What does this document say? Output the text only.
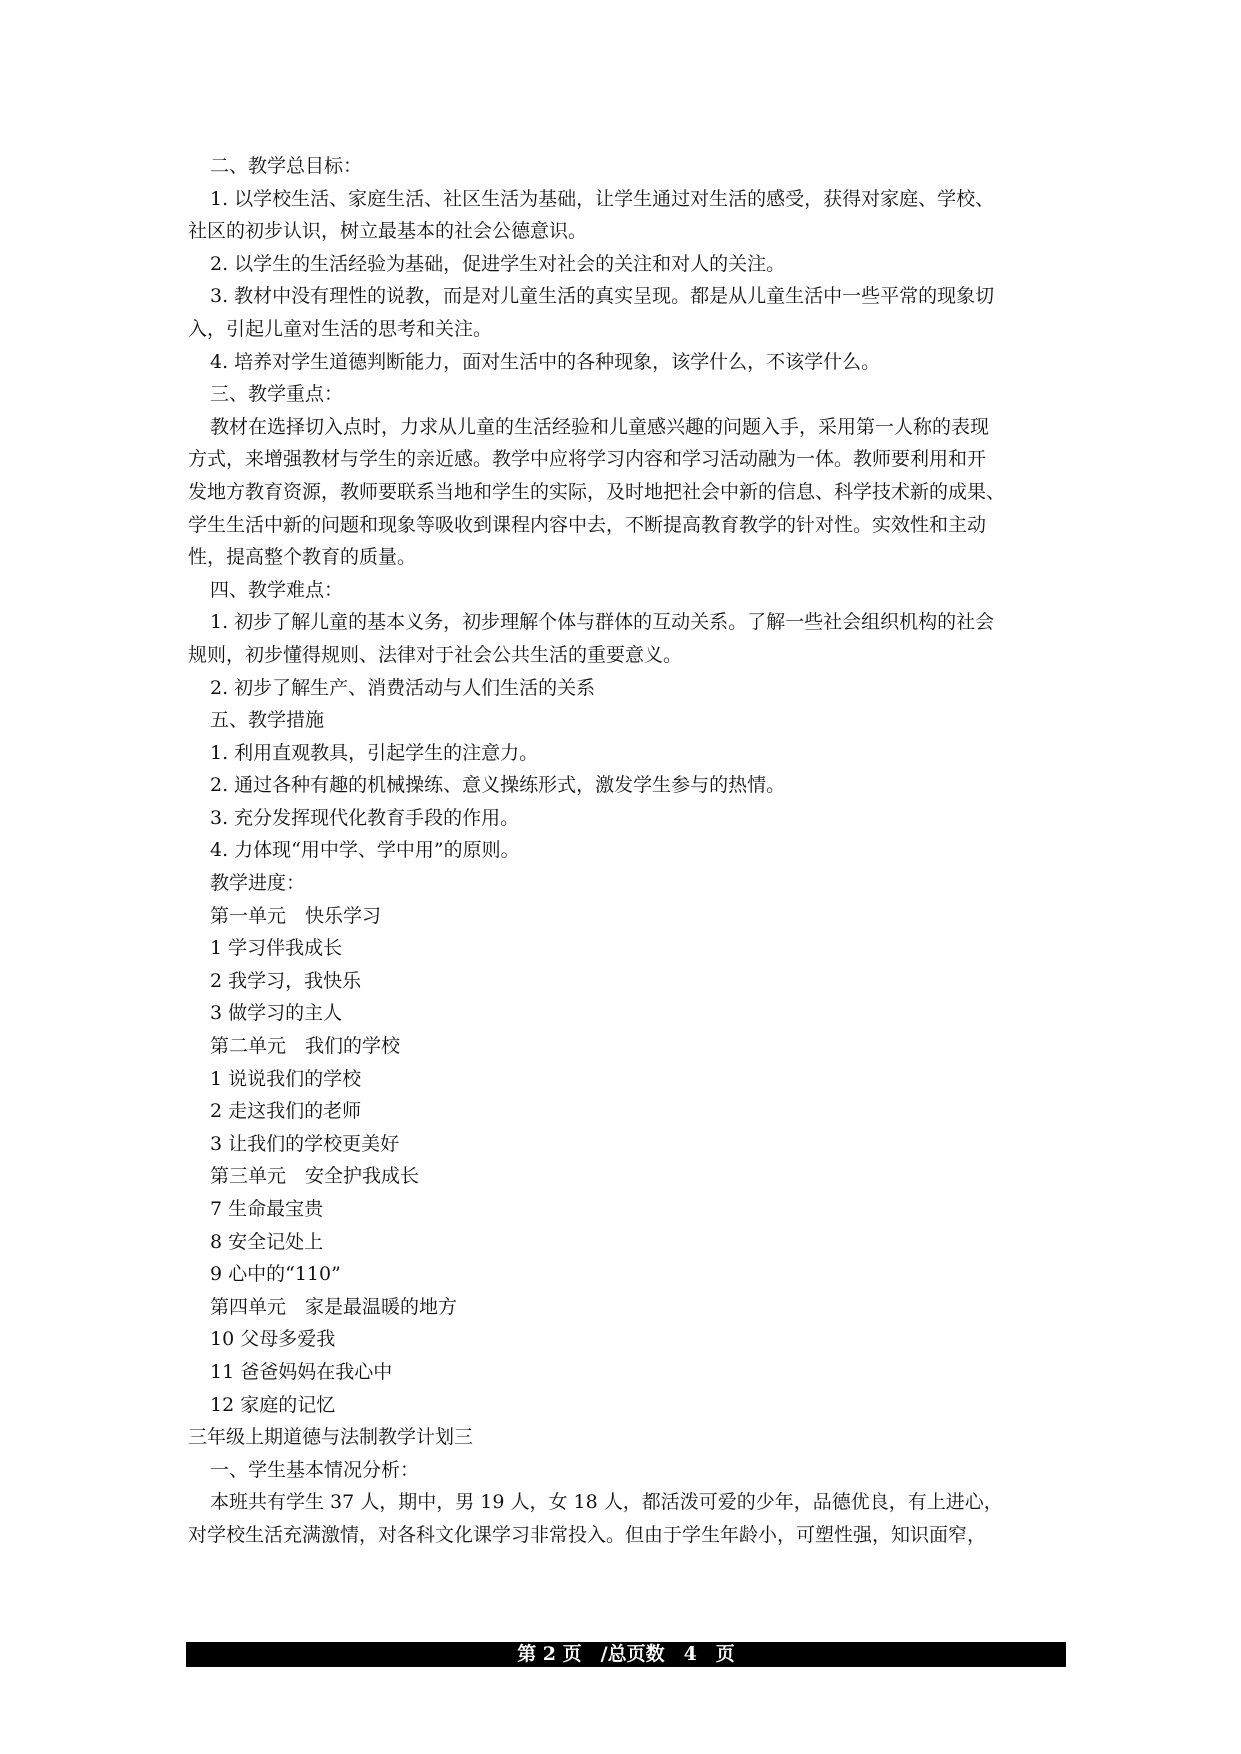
二、教学总目标：
1. 以学校生活、家庭生活、社区生活为基础，让学生通过对生活的感受，获得对家庭、学校、
社区的初步认识，树立最基本的社会公德意识。
2. 以学生的生活经验为基础，促进学生对社会的关注和对人的关注。
3. 教材中没有理性的说教，而是对儿童生活的真实呈现。都是从儿童生活中一些平常的现象切
入，引起儿童对生活的思考和关注。
4. 培养对学生道德判断能力，面对生活中的各种现象，该学什么，不该学什么。
三、教学重点：
教材在选择切入点时，力求从儿童的生活经验和儿童感兴趣的问题入手，采用第一人称的表现
方式，来增强教材与学生的亲近感。教学中应将学习内容和学习活动融为一体。教师要利用和开
发地方教育资源，教师要联系当地和学生的实际，及时地把社会中新的信息、科学技术新的成果、
学生生活中新的问题和现象等吸收到课程内容中去，不断提高教育教学的针对性。实效性和主动
性，提高整个教育的质量。
四、教学难点：
1. 初步了解儿童的基本义务，初步理解个体与群体的互动关系。了解一些社会组织机构的社会
规则，初步懂得规则、法律对于社会公共生活的重要意义。
2. 初步了解生产、消费活动与人们生活的关系
五、教学措施
1. 利用直观教具，引起学生的注意力。
2. 通过各种有趣的机械操练、意义操练形式，激发学生参与的热情。
3. 充分发挥现代化教育手段的作用。
4. 力体现“用中学、学中用”的原则。
教学进度：
第一单元　快乐学习
1 学习伴我成长
2 我学习，我快乐
3 做学习的主人
第二单元　我们的学校
1 说说我们的学校
2 走这我们的老师
3 让我们的学校更美好
第三单元　安全护我成长
7 生命最宝贵
8 安全记处上
9 心中的“110”
第四单元　家是最温暖的地方
10 父母多爱我
11 爸爸妈妈在我心中
12 家庭的记忆
三年级上期道德与法制教学计划三
一、学生基本情况分析：
本班共有学生 37 人，期中，男 19 人，女 18 人，都活泼可爱的少年，品德优良，有上进心，
对学校生活充满激情，对各科文化课学习非常投入。但由于学生年龄小，可塑性强，知识面窄，
第 2 页　/总页数　4　页
